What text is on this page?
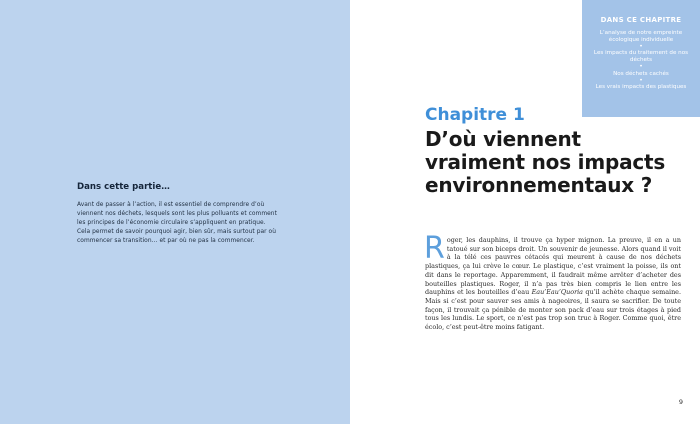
Dans cette partie…
Avant de passer à l’action, il est essentiel de comprendre d’où viennent nos déchets, lesquels sont les plus polluants et comment les principes de l’économie circulaire s’appliquent en pratique. Cela permet de savoir pourquoi agir, bien sûr, mais surtout par où commencer sa transition… et par où ne pas la commencer.
DANS CE CHAPITRE
L’analyse de notre empreinte écologique individuelle
•
Les impacts du traitement de nos déchets
•
Nos déchets cachés
•
Les vrais impacts des plastiques
Chapitre 1
D’où viennent vraiment nos impacts environnementaux ?

Roger, les dauphins, il trouve ça hyper mignon. La preuve, il en a un tatoué sur son biceps droit. Un souvenir de jeunesse. Alors quand il voit à la télé ces pauvres cétacés qui meurent à cause de nos déchets plastiques, ça lui crève le cœur. Le plastique, c’est vraiment la poisse, ils ont dit dans le reportage. Apparemment, il faudrait même arrêter d’acheter des bouteilles plastiques. Roger, il n’a pas très bien compris le lien entre les dauphins et les bouteilles d’eau Eau’Eau’Quoria qu’il achète chaque semaine. Mais si c’est pour sauver ses amis à nageoires, il saura se sacrifier. De toute façon, il trouvait ça pénible de monter son pack d’eau sur trois étages à pied tous les lundis. Le sport, ce n’est pas trop son truc à Roger. Comme quoi, être écolo, c’est peut-être moins fatigant.

9
